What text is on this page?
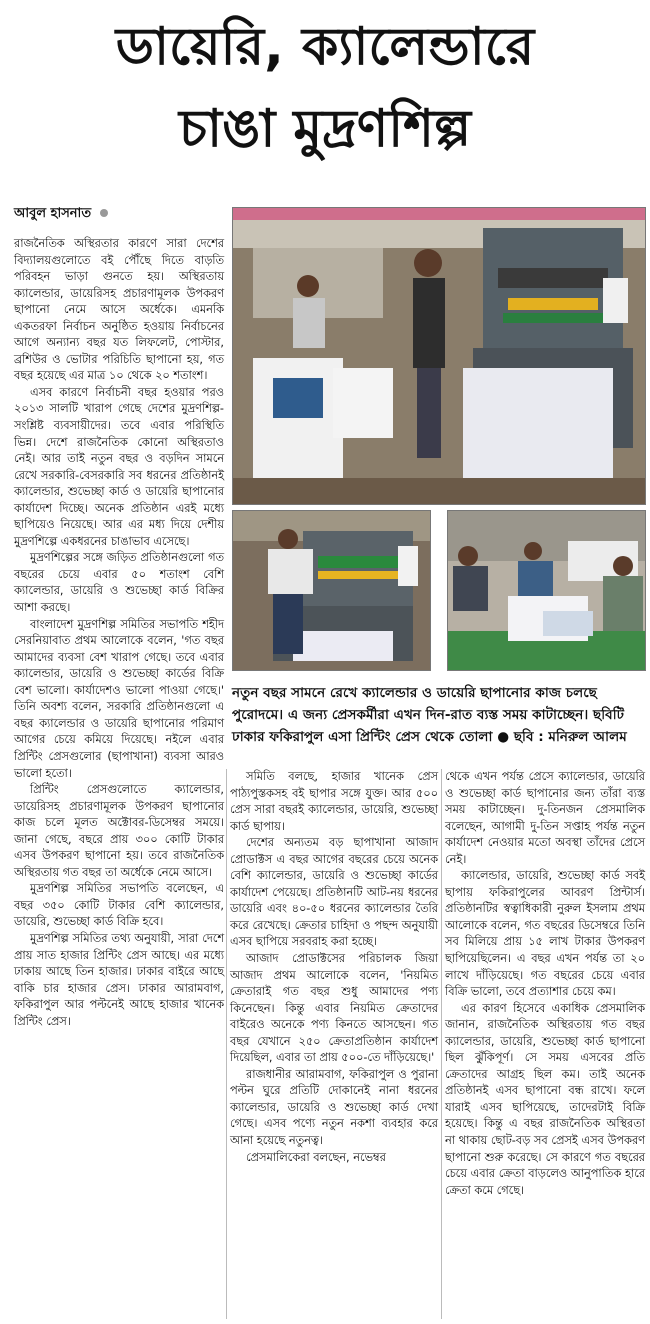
ডায়েরি, ক্যালেন্ডারে
চাঙা মুদ্রণশিল্প
আবুল হাসনাত

রাজনৈতিক অস্থিরতার কারণে সারা দেশের বিদ্যালয়গুলোতে বই পৌঁছে দিতে বাড়তি পরিবহন ভাড়া গুনতে হয়। অস্থিরতায় ক্যালেন্ডার, ডায়েরিসহ প্রচারণামূলক উপকরণ ছাপানো নেমে আসে অর্ধেকে। এমনকি একতরফা নির্বাচন অনুষ্ঠিত হওয়ায় নির্বাচনের আগে অন্যান্য বছর যত লিফলেট, পোস্টার, ব্রশিউর ও ভোটার পরিচিতি ছাপানো হয়, গত বছর হয়েছে এর মাত্র ১০ থেকে ২০ শতাংশ।

এসব কারণে নির্বাচনী বছর হওয়ার পরও ২০১৩ সালটি খারাপ গেছে দেশের মুদ্রণশিল্প-সংশ্লিষ্ট ব্যবসায়ীদের। তবে এবার পরিস্থিতি ভিন্ন। দেশে রাজনৈতিক কোনো অস্থিরতাও নেই। আর তাই নতুন বছর ও বড়দিন সামনে রেখে সরকারি-বেসরকারি সব ধরনের প্রতিষ্ঠানই ক্যালেন্ডার, শুভেচ্ছা কার্ড ও ডায়েরি ছাপানোর কার্যাদেশ দিচ্ছে। অনেক প্রতিষ্ঠান এরই মধ্যে ছাপিয়েও নিয়েছে। আর এর মধ্য দিয়ে দেশীয় মুদ্রণশিল্পে একধরনের চাঙাভাব এসেছে।

মুদ্রণশিল্পের সঙ্গে জড়িত প্রতিষ্ঠানগুলো গত বছরের চেয়ে এবার ৫০ শতাংশ বেশি ক্যালেন্ডার, ডায়েরি ও শুভেচ্ছা কার্ড বিক্রির আশা করছে।

বাংলাদেশ মুদ্রণশিল্প সমিতির সভাপতি শহীদ সেরনিয়াবাত প্রথম আলোকে বলেন, 'গত বছর আমাদের ব্যবসা বেশ খারাপ গেছে। তবে এবার ক্যালেন্ডার, ডায়েরি ও শুভেচ্ছা কার্ডের বিক্রি বেশ ভালো। কার্যাদেশও ভালো পাওয়া গেছে।' তিনি অবশ্য বলেন, সরকারি প্রতিষ্ঠানগুলো এ বছর ক্যালেন্ডার ও ডায়েরি ছাপানোর পরিমাণ আগের চেয়ে কমিয়ে দিয়েছে। নইলে এবার প্রিন্টিং প্রেসগুলোর (ছাপাখানা) ব্যবসা আরও ভালো হতো।

প্রিন্টিং প্রেসগুলোতে ক্যালেন্ডার, ডায়েরিসহ প্রচারণামূলক উপকরণ ছাপানোর কাজ চলে মূলত অক্টোবর-ডিসেম্বর সময়ে। জানা গেছে, বছরে প্রায় ৩০০ কোটি টাকার এসব উপকরণ ছাপানো হয়। তবে রাজনৈতিক অস্থিরতায় গত বছর তা অর্ধেকে নেমে আসে।

মুদ্রণশিল্প সমিতির সভাপতি বলেছেন, এ বছর ৩৫০ কোটি টাকার বেশি ক্যালেন্ডার, ডায়েরি, শুভেচ্ছা কার্ড বিক্রি হবে।

মুদ্রণশিল্প সমিতির তথ্য অনুযায়ী, সারা দেশে প্রায় সাত হাজার প্রিন্টিং প্রেস আছে। এর মধ্যে ঢাকায় আছে তিন হাজার। ঢাকার বাইরে আছে বাকি চার হাজার প্রেস। ঢাকার আরামবাগ, ফকিরাপুল আর পল্টনেই আছে হাজার খানেক প্রিন্টিং প্রেস।

নতুন বছর সামনে রেখে ক্যালেন্ডার ও ডায়েরি ছাপানোর কাজ চলছে পুরোদমে। এ জন্য প্রেসকর্মীরা এখন দিন-রাত ব্যস্ত সময় কাটাচ্ছেন। ছবিটি ঢাকার ফকিরাপুল এসা প্রিন্টিং প্রেস থেকে তোলা ● ছবি : মনিরুল আলম

সমিতি বলছে, হাজার খানেক প্রেস পাঠ্যপুস্তকসহ বই ছাপার সঙ্গে যুক্ত। আর ৫০০ প্রেস সারা বছরই ক্যালেন্ডার, ডায়েরি, শুভেচ্ছা কার্ড ছাপায়।

দেশের অন্যতম বড় ছাপাখানা আজাদ প্রোডাক্টস এ বছর আগের বছরের চেয়ে অনেক বেশি ক্যালেন্ডার, ডায়েরি ও শুভেচ্ছা কার্ডের কার্যাদেশ পেয়েছে। প্রতিষ্ঠানটি আট-নয় ধরনের ডায়েরি এবং ৪০-৫০ ধরনের ক্যালেন্ডার তৈরি করে রেখেছে। ক্রেতার চাহিদা ও পছন্দ অনুযায়ী এসব ছাপিয়ে সরবরাহ করা হচ্ছে।

আজাদ প্রোডাক্টসের পরিচালক জিয়া আজাদ প্রথম আলোকে বলেন, 'নিয়মিত ক্রেতারাই গত বছর শুধু আমাদের পণ্য কিনেছেন। কিন্তু এবার নিয়মিত ক্রেতাদের বাইরেও অনেকে পণ্য কিনতে আসছেন। গত বছর যেখানে ২৫০ ক্রেতাপ্রতিষ্ঠান কার্যাদেশ দিয়েছিল, এবার তা প্রায় ৫০০-তে দাঁড়িয়েছে।'

রাজধানীর আরামবাগ, ফকিরাপুল ও পুরানা পল্টন ঘুরে প্রতিটি দোকানেই নানা ধরনের ক্যালেন্ডার, ডায়েরি ও শুভেচ্ছা কার্ড দেখা গেছে। এসব পণ্যে নতুন নকশা ব্যবহার করে আনা হয়েছে নতুনত্ব।

প্রেসমালিকেরা বলছেন, নভেম্বর

থেকে এখন পর্যন্ত প্রেসে ক্যালেন্ডার, ডায়েরি ও শুভেচ্ছা কার্ড ছাপানোর জন্য তাঁরা ব্যস্ত সময় কাটাচ্ছেন। দু-তিনজন প্রেসমালিক বলেছেন, আগামী দু-তিন সপ্তাহ পর্যন্ত নতুন কার্যাদেশ নেওয়ার মতো অবস্থা তাঁদের প্রেসে নেই।

ক্যালেন্ডার, ডায়েরি, শুভেচ্ছা কার্ড সবই ছাপায় ফকিরাপুলের আবরণ প্রিন্টার্স। প্রতিষ্ঠানটির স্বত্বাধিকারী নুরুল ইসলাম প্রথম আলোকে বলেন, গত বছরের ডিসেম্বরে তিনি সব মিলিয়ে প্রায় ১৫ লাখ টাকার উপকরণ ছাপিয়েছিলেন। এ বছর এখন পর্যন্ত তা ২০ লাখে দাঁড়িয়েছে। গত বছরের চেয়ে এবার বিক্রি ভালো, তবে প্রত্যাশার চেয়ে কম।

এর কারণ হিসেবে একাধিক প্রেসমালিক জানান, রাজনৈতিক অস্থিরতায় গত বছর ক্যালেন্ডার, ডায়েরি, শুভেচ্ছা কার্ড ছাপানো ছিল ঝুঁকিপূর্ণ। সে সময় এসবের প্রতি ক্রেতাদের আগ্রহ ছিল কম। তাই অনেক প্রতিষ্ঠানই এসব ছাপানো বন্ধ রাখে। ফলে যারাই এসব ছাপিয়েছে, তাদেরটাই বিক্রি হয়েছে। কিন্তু এ বছর রাজনৈতিক অস্থিরতা না থাকায় ছোট-বড় সব প্রেসই এসব উপকরণ ছাপানো শুরু করেছে। সে কারণে গত বছরের চেয়ে এবার ক্রেতা বাড়লেও আনুপাতিক হারে ক্রেতা কমে গেছে।
